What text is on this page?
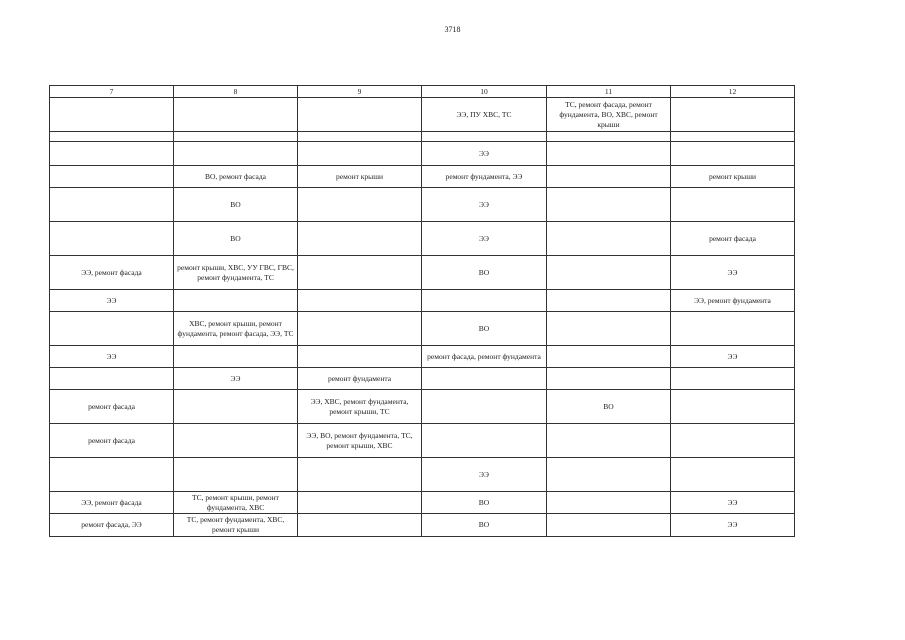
3718
7	8	9	10	11	12
			ЭЭ, ПУ ХВС, ТС	ТС, ремонт фасада, ремонт фундамента, ВО, ХВС, ремонт крыши	

			ЭЭ		
	ВО, ремонт фасада	ремонт крыши	ремонт фундамента, ЭЭ		ремонт крыши
	ВО		ЭЭ		
	ВО		ЭЭ		ремонт фасада
ЭЭ, ремонт фасада	ремонт крыши, ХВС, УУ ГВС, ГВС, ремонт фундамента, ТС		ВО		ЭЭ
ЭЭ					ЭЭ, ремонт фундамента
	ХВС, ремонт крыши, ремонт фундамента, ремонт фасада, ЭЭ, ТС		ВО		
ЭЭ			ремонт фасада, ремонт фундамента		ЭЭ
	ЭЭ	ремонт фундамента			
ремонт фасада		ЭЭ, ХВС, ремонт фундамента, ремонт крыши, ТС		ВО	
ремонт фасада		ЭЭ, ВО, ремонт фундамента, ТС, ремонт крыши, ХВС			
			ЭЭ		
ЭЭ, ремонт фасада	ТС, ремонт крыши, ремонт фундамента, ХВС		ВО		ЭЭ
ремонт фасада, ЭЭ	ТС, ремонт фундамента, ХВС, ремонт крыши		ВО		ЭЭ
